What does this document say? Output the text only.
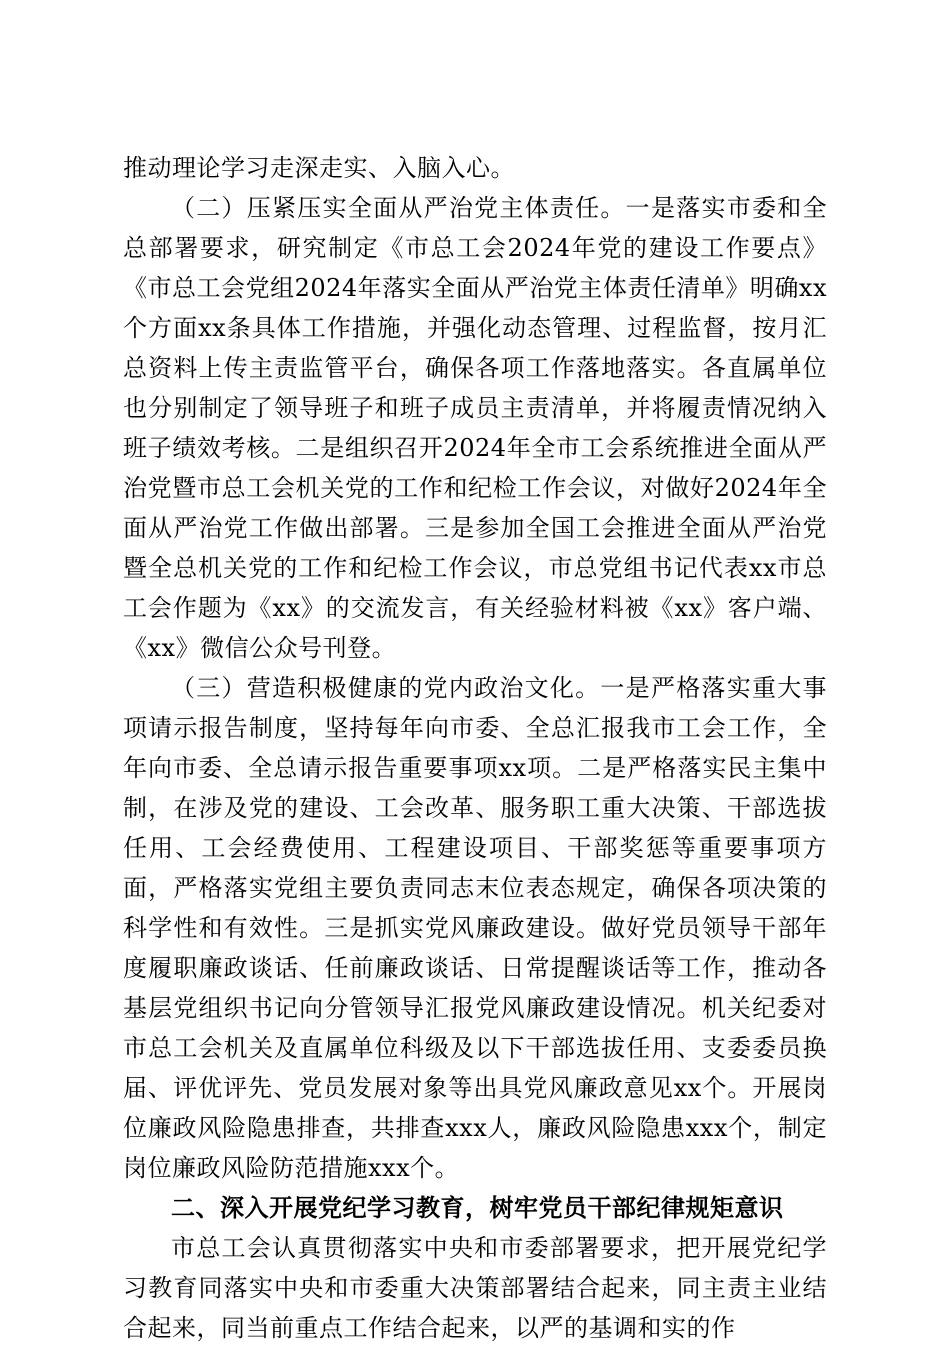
推动理论学习走深走实、入脑入心。

（二）压紧压实全面从严治党主体责任。一是落实市委和全总部署要求，研究制定《市总工会2024年党的建设工作要点》《市总工会党组2024年落实全面从严治党主体责任清单》明确xx个方面xx条具体工作措施，并强化动态管理、过程监督，按月汇总资料上传主责监管平台，确保各项工作落地落实。各直属单位也分别制定了领导班子和班子成员主责清单，并将履责情况纳入班子绩效考核。二是组织召开2024年全市工会系统推进全面从严治党暨市总工会机关党的工作和纪检工作会议，对做好2024年全面从严治党工作做出部署。三是参加全国工会推进全面从严治党暨全总机关党的工作和纪检工作会议，市总党组书记代表xx市总工会作题为《xx》的交流发言，有关经验材料被《xx》客户端、《xx》微信公众号刊登。

（三）营造积极健康的党内政治文化。一是严格落实重大事项请示报告制度，坚持每年向市委、全总汇报我市工会工作，全年向市委、全总请示报告重要事项xx项。二是严格落实民主集中制，在涉及党的建设、工会改革、服务职工重大决策、干部选拔任用、工会经费使用、工程建设项目、干部奖惩等重要事项方面，严格落实党组主要负责同志末位表态规定，确保各项决策的科学性和有效性。三是抓实党风廉政建设。做好党员领导干部年度履职廉政谈话、任前廉政谈话、日常提醒谈话等工作，推动各基层党组织书记向分管领导汇报党风廉政建设情况。机关纪委对市总工会机关及直属单位科级及以下干部选拔任用、支委委员换届、评优评先、党员发展对象等出具党风廉政意见xx个。开展岗位廉政风险隐患排查，共排查xxx人，廉政风险隐患xxx个，制定岗位廉政风险防范措施xxx个。

二、深入开展党纪学习教育，树牢党员干部纪律规矩意识

市总工会认真贯彻落实中央和市委部署要求，把开展党纪学习教育同落实中央和市委重大决策部署结合起来，同主责主业结合起来，同当前重点工作结合起来，以严的基调和实的作
